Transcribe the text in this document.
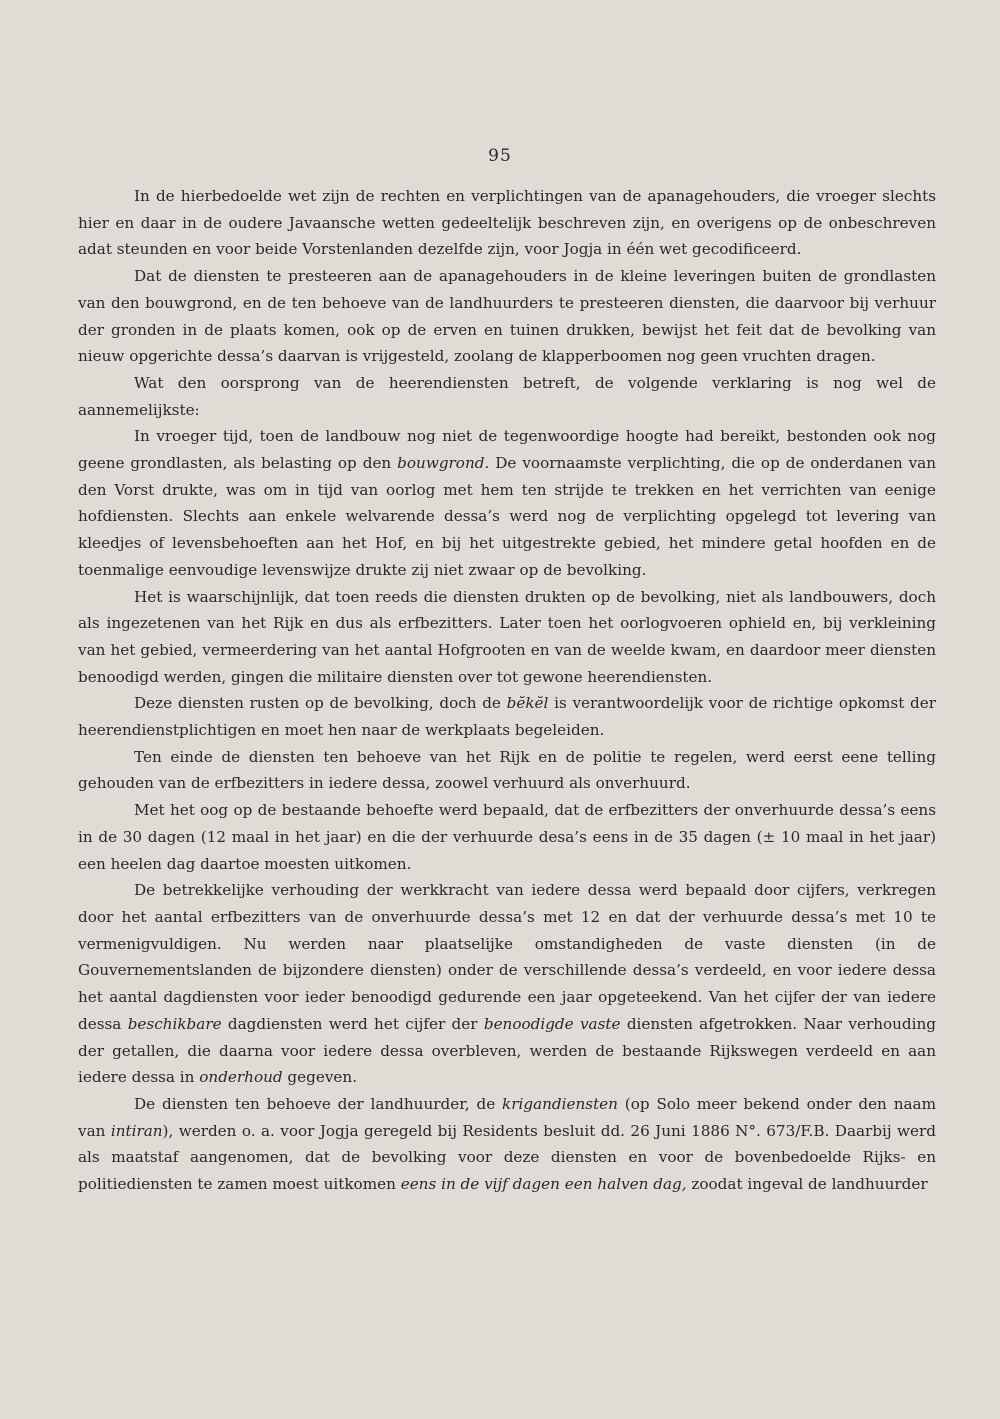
95

In de hierbedoelde wet zijn de rechten en verplichtingen van de apanagehouders, die vroeger slechts hier en daar in de oudere Javaansche wetten gedeeltelijk beschreven zijn, en overigens op de onbeschreven adat steunden en voor beide Vorstenlanden dezelfde zijn, voor Jogja in één wet gecodificeerd.

Dat de diensten te presteeren aan de apanagehouders in de kleine leveringen buiten de grondlasten van den bouwgrond, en de ten behoeve van de landhuurders te presteeren diensten, die daarvoor bij verhuur der gronden in de plaats komen, ook op de erven en tuinen drukken, bewijst het feit dat de bevolking van nieuw opgerichte dessa’s daarvan is vrijgesteld, zoolang de klapperboomen nog geen vruchten dragen.

Wat den oorsprong van de heerendiensten betreft, de volgende verklaring is nog wel de aannemelijkste:

In vroeger tijd, toen de landbouw nog niet de tegenwoordige hoogte had bereikt, bestonden ook nog geene grondlasten, als belasting op den bouwgrond. De voornaamste verplichting, die op de onderdanen van den Vorst drukte, was om in tijd van oorlog met hem ten strijde te trekken en het verrichten van eenige hofdiensten. Slechts aan enkele welvarende dessa’s werd nog de verplichting opgelegd tot levering van kleedjes of levensbehoeften aan het Hof, en bij het uitgestrekte gebied, het mindere getal hoofden en de toenmalige eenvoudige levenswijze drukte zij niet zwaar op de bevolking.

Het is waarschijnlijk, dat toen reeds die diensten drukten op de bevolking, niet als landbouwers, doch als ingezetenen van het Rijk en dus als erfbezitters. Later toen het oorlogvoeren ophield en, bij verkleining van het gebied, vermeerdering van het aantal Hofgrooten en van de weelde kwam, en daardoor meer diensten benoodigd werden, gingen die militaire diensten over tot gewone heerendiensten.

Deze diensten rusten op de bevolking, doch de bĕkĕl is verantwoordelijk voor de richtige opkomst der heerendienstplichtigen en moet hen naar de werkplaats begeleiden.

Ten einde de diensten ten behoeve van het Rijk en de politie te regelen, werd eerst eene telling gehouden van de erfbezitters in iedere dessa, zoowel verhuurd als onverhuurd.

Met het oog op de bestaande behoefte werd bepaald, dat de erfbezitters der onverhuurde dessa’s eens in de 30 dagen (12 maal in het jaar) en die der verhuurde desa’s eens in de 35 dagen (± 10 maal in het jaar) een heelen dag daartoe moesten uitkomen.

De betrekkelijke verhouding der werkkracht van iedere dessa werd bepaald door cijfers, verkregen door het aantal erfbezitters van de onverhuurde dessa’s met 12 en dat der verhuurde dessa’s met 10 te vermenigvuldigen. Nu werden naar plaatselijke omstandigheden de vaste diensten (in de Gouvernementslanden de bijzondere diensten) onder de verschillende dessa’s verdeeld, en voor iedere dessa het aantal dagdiensten voor ieder benoodigd gedurende een jaar opgeteekend. Van het cijfer der van iedere dessa beschikbare dagdiensten werd het cijfer der benoodigde vaste diensten afgetrokken. Naar verhouding der getallen, die daarna voor iedere dessa overbleven, werden de bestaande Rijkswegen verdeeld en aan iedere dessa in onderhoud gegeven.

De diensten ten behoeve der landhuurder, de krigandiensten (op Solo meer bekend onder den naam van intiran), werden o. a. voor Jogja geregeld bij Residents besluit dd. 26 Juni 1886 N°. 673/F.B. Daarbij werd als maatstaf aangenomen, dat de bevolking voor deze diensten en voor de bovenbedoelde Rijks- en politiediensten te zamen moest uitkomen eens in de vijf dagen een halven dag, zoodat ingeval de landhuurder
